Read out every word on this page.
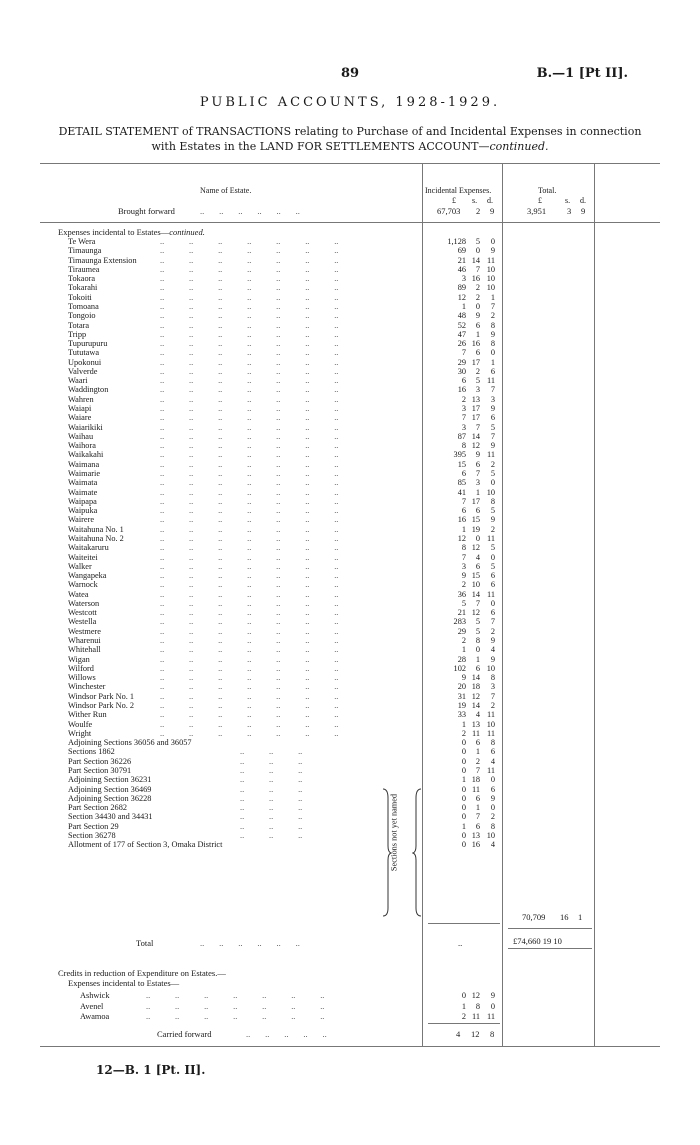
89	B.—1 [Pt II].
PUBLIC ACCOUNTS, 1928-1929.
DETAIL STATEMENT of TRANSACTIONS relating to Purchase of and Incidental Expenses in connection with Estates in the LAND FOR SETTLEMENTS ACCOUNT—continued.
Name of Estate.	Incidental Expenses.	Total.
£ s. d.	£	s. d.
Brought forward	..       ..       ..       ..       ..       ..	67,703 2 9	3,951 3 9
Expenses incidental to Estates—continued.
Te Wera	1,128	5	0
..   ..   ..   ..   ..   ..   ..
Timaunga	69	0	9
..   ..   ..   ..   ..   ..   ..
Timaunga Extension	21 14 11
..   ..   ..   ..   ..   ..   ..
Tiraumea	46	7 10
..   ..   ..   ..   ..   ..   ..
Tokaora	3 16 10
..   ..   ..   ..   ..   ..   ..
Tokarahi	89	2 10
..   ..   ..   ..   ..   ..   ..
Tokoiti	12	2	1
..   ..   ..   ..   ..   ..   ..
Tomoana	1	0	7
..   ..   ..   ..   ..   ..   ..
Tongoio	48	9	2
..   ..   ..   ..   ..   ..   ..
Totara	52	6	8
..   ..   ..   ..   ..   ..   ..
Tripp	47	1	9
..   ..   ..   ..   ..   ..   ..
Tupurupuru	26 16	8
..   ..   ..   ..   ..   ..   ..
Tututawa	7	6	0
..   ..   ..   ..   ..   ..   ..
Upokonui	29 17	1
..   ..   ..   ..   ..   ..   ..
Valverde	30	2	6
..   ..   ..   ..   ..   ..   ..
Waari	6	5 11
..   ..   ..   ..   ..   ..   ..
Waddington	16	3	7
..   ..   ..   ..   ..   ..   ..
Wahren	2 13	3
..   ..   ..   ..   ..   ..   ..
Waiapi	3 17	9
..   ..   ..   ..   ..   ..   ..
Waiare	7 17	6
..   ..   ..   ..   ..   ..   ..
Waiarikiki	3	7	5
..   ..   ..   ..   ..   ..   ..
Waihau	87 14	7
..   ..   ..   ..   ..   ..   ..
Waihora	8 12	9
..   ..   ..   ..   ..   ..   ..
Waikakahi	395	9 11
..   ..   ..   ..   ..   ..   ..
Waimana	15	6	2
..   ..   ..   ..   ..   ..   ..
Waimarie	6	7	5
..   ..   ..   ..   ..   ..   ..
Waimata	85	3	0
..   ..   ..   ..   ..   ..   ..
Waimate	41	1 10
..   ..   ..   ..   ..   ..   ..
Waipapa	7 17	8
..   ..   ..   ..   ..   ..   ..
Waipuka	6	6	5
..   ..   ..   ..   ..   ..   ..
Wairere	16 15	9
..   ..   ..   ..   ..   ..   ..
Waitahuna No. 1	1 19	2
..   ..   ..   ..   ..   ..   ..
Waitahuna No. 2	12	0 11
..   ..   ..   ..   ..   ..   ..
Waitakaruru	8 12	5
..   ..   ..   ..   ..   ..   ..
Waiteitei	7	4	0
..   ..   ..   ..   ..   ..   ..
Walker	3	6	5
..   ..   ..   ..   ..   ..   ..
Wangapeka	9 15	6
..   ..   ..   ..   ..   ..   ..
Warnock	2 10	6
..   ..   ..   ..   ..   ..   ..
Watea	36 14 11
..   ..   ..   ..   ..   ..   ..
Waterson	5	7	0
..   ..   ..   ..   ..   ..   ..
Westcott	21 12	6
..   ..   ..   ..   ..   ..   ..
Westella	283	5	7
..   ..   ..   ..   ..   ..   ..
Westmere	29	5	2
..   ..   ..   ..   ..   ..   ..
Wharenui	2	8	9
..   ..   ..   ..   ..   ..   ..
Whitehall	1	0	4
..   ..   ..   ..   ..   ..   ..
Wigan	28	1	9
..   ..   ..   ..   ..   ..   ..
Wilford	102	6 10
..   ..   ..   ..   ..   ..   ..
Willows	9 14	8
..   ..   ..   ..   ..   ..   ..
Winchester	20 18	3
..   ..   ..   ..   ..   ..   ..
Windsor Park No. 1	31 12	7
..   ..   ..   ..   ..   ..   ..
Windsor Park No. 2	19 14	2
..   ..   ..   ..   ..   ..   ..
Wither Run	33	4 11
..   ..   ..   ..   ..   ..   ..
Woulfe	1 13 10
..   ..   ..   ..   ..   ..   ..
Wright	2 11 11
..   ..   ..   ..   ..   ..   ..
Adjoining Sections 36056 and 36057	0	6	8
Sections 1862	0	1	6
..   ..   ..
Part Section 36226	0	2	4
..   ..   ..
Part Section 30791	0	7 11
..   ..   ..
Adjoining Section 36231	1 18	0
..   ..   ..
Adjoining Section 36469	0 11	6
..   ..   ..
Adjoining Section 36228	0	6	9
..   ..   ..
Part Section 2682	0	1	0
..   ..   ..
Section 34430 and 34431	0	7	2
..   ..   ..
Part Section 29	1	6	8
..   ..   ..
Section 36278	0 13 10
..   ..   ..
Allotment of 177 of Section 3, Omaka District	0 16	4
Sections not yet named
70,709 16 1
Total	..       ..       ..       ..       ..       ..	..	£74,660 19 10
Credits in reduction of Expenditure on Estates.—
Expenses incidental to Estates—
Ashwick	..   ..   ..   ..   ..   ..   ..	0 12	9
Avenel	..   ..   ..   ..   ..   ..   ..	1	8	0
Awamoa	..   ..   ..   ..   ..   ..   ..	2 11 11
Carried forward	..       ..       ..       ..       ..	4 12 8
12—B. 1 [Pt. II].
